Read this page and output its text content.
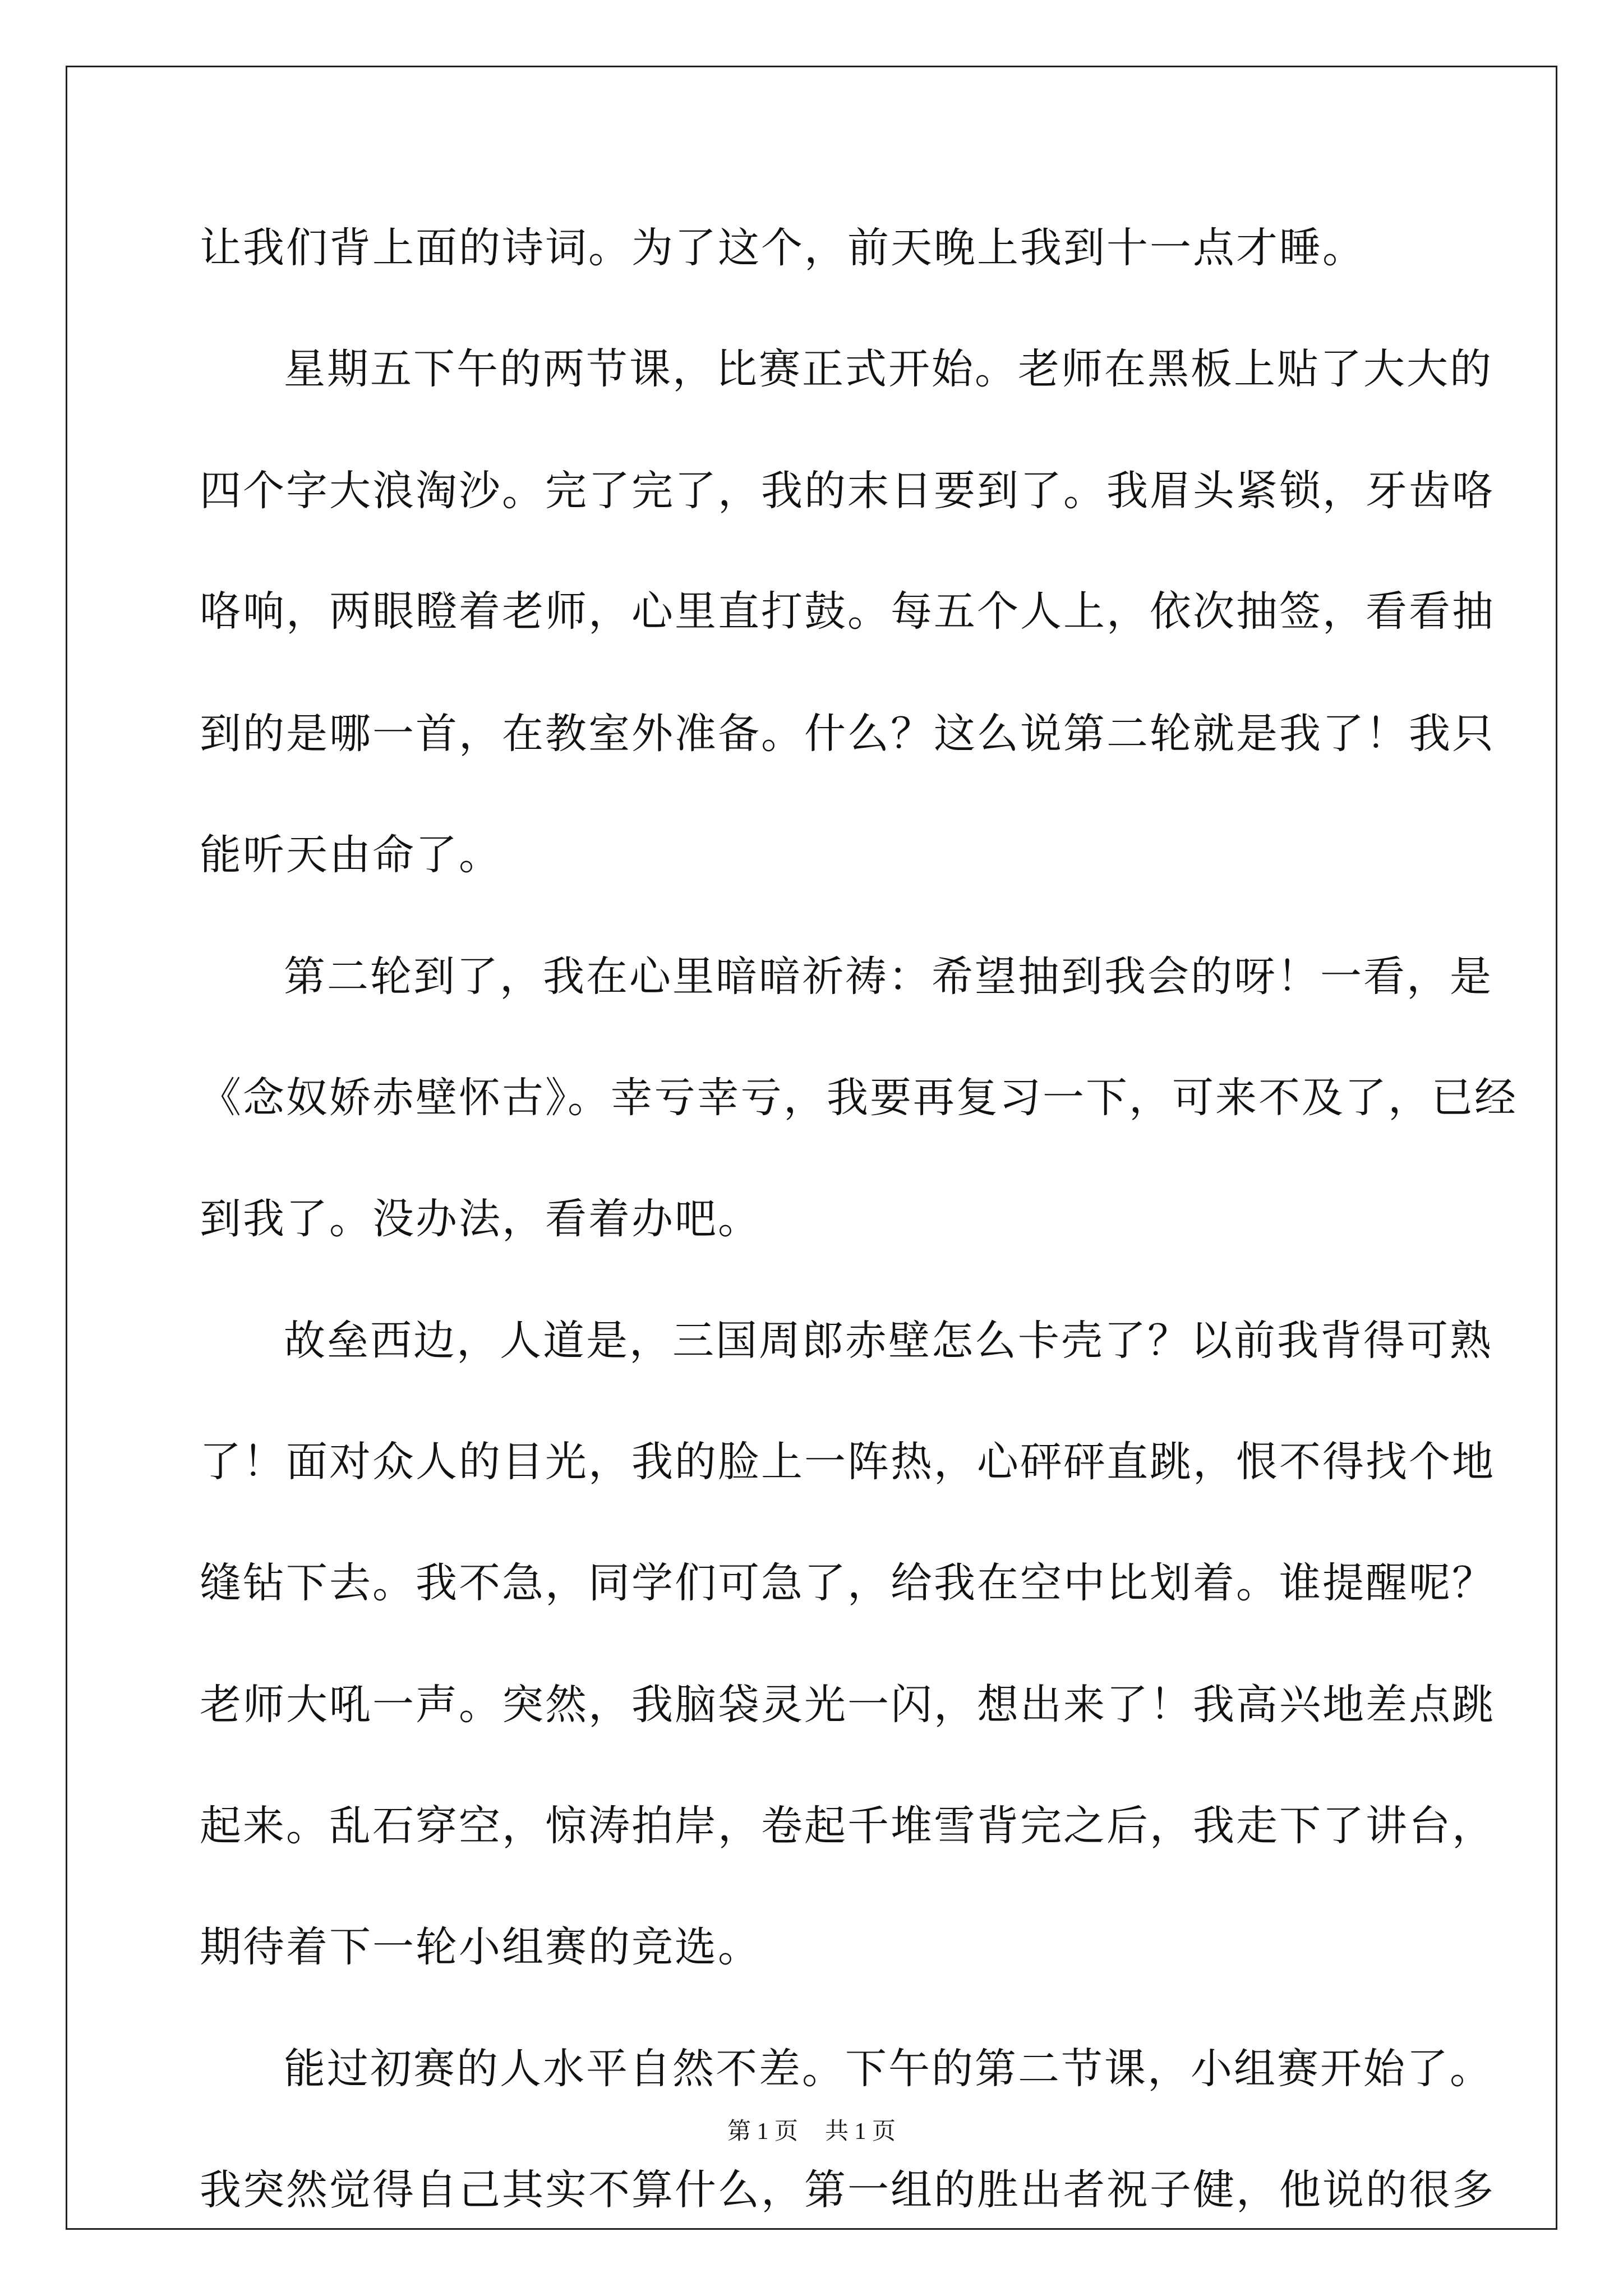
让我们背上面的诗词。为了这个，前天晚上我到十一点才睡。
星期五下午的两节课，比赛正式开始。老师在黑板上贴了大大的
四个字大浪淘沙。完了完了，我的末日要到了。我眉头紧锁，牙齿咯
咯响，两眼瞪着老师，心里直打鼓。每五个人上，依次抽签，看看抽
到的是哪一首，在教室外准备。什么？这么说第二轮就是我了！我只
能听天由命了。
第二轮到了，我在心里暗暗祈祷：希望抽到我会的呀！一看，是
《念奴娇赤壁怀古》。幸亏幸亏，我要再复习一下，可来不及了，已经
到我了。没办法，看着办吧。
故垒西边，人道是，三国周郎赤壁怎么卡壳了？以前我背得可熟
了！面对众人的目光，我的脸上一阵热，心砰砰直跳，恨不得找个地
缝钻下去。我不急，同学们可急了，给我在空中比划着。谁提醒呢？
老师大吼一声。突然，我脑袋灵光一闪，想出来了！我高兴地差点跳
起来。乱石穿空，惊涛拍岸，卷起千堆雪背完之后，我走下了讲台，
期待着下一轮小组赛的竞选。
能过初赛的人水平自然不差。下午的第二节课，小组赛开始了。
我突然觉得自己其实不算什么，第一组的胜出者祝子健，他说的很多
第 1 页 共 1 页
